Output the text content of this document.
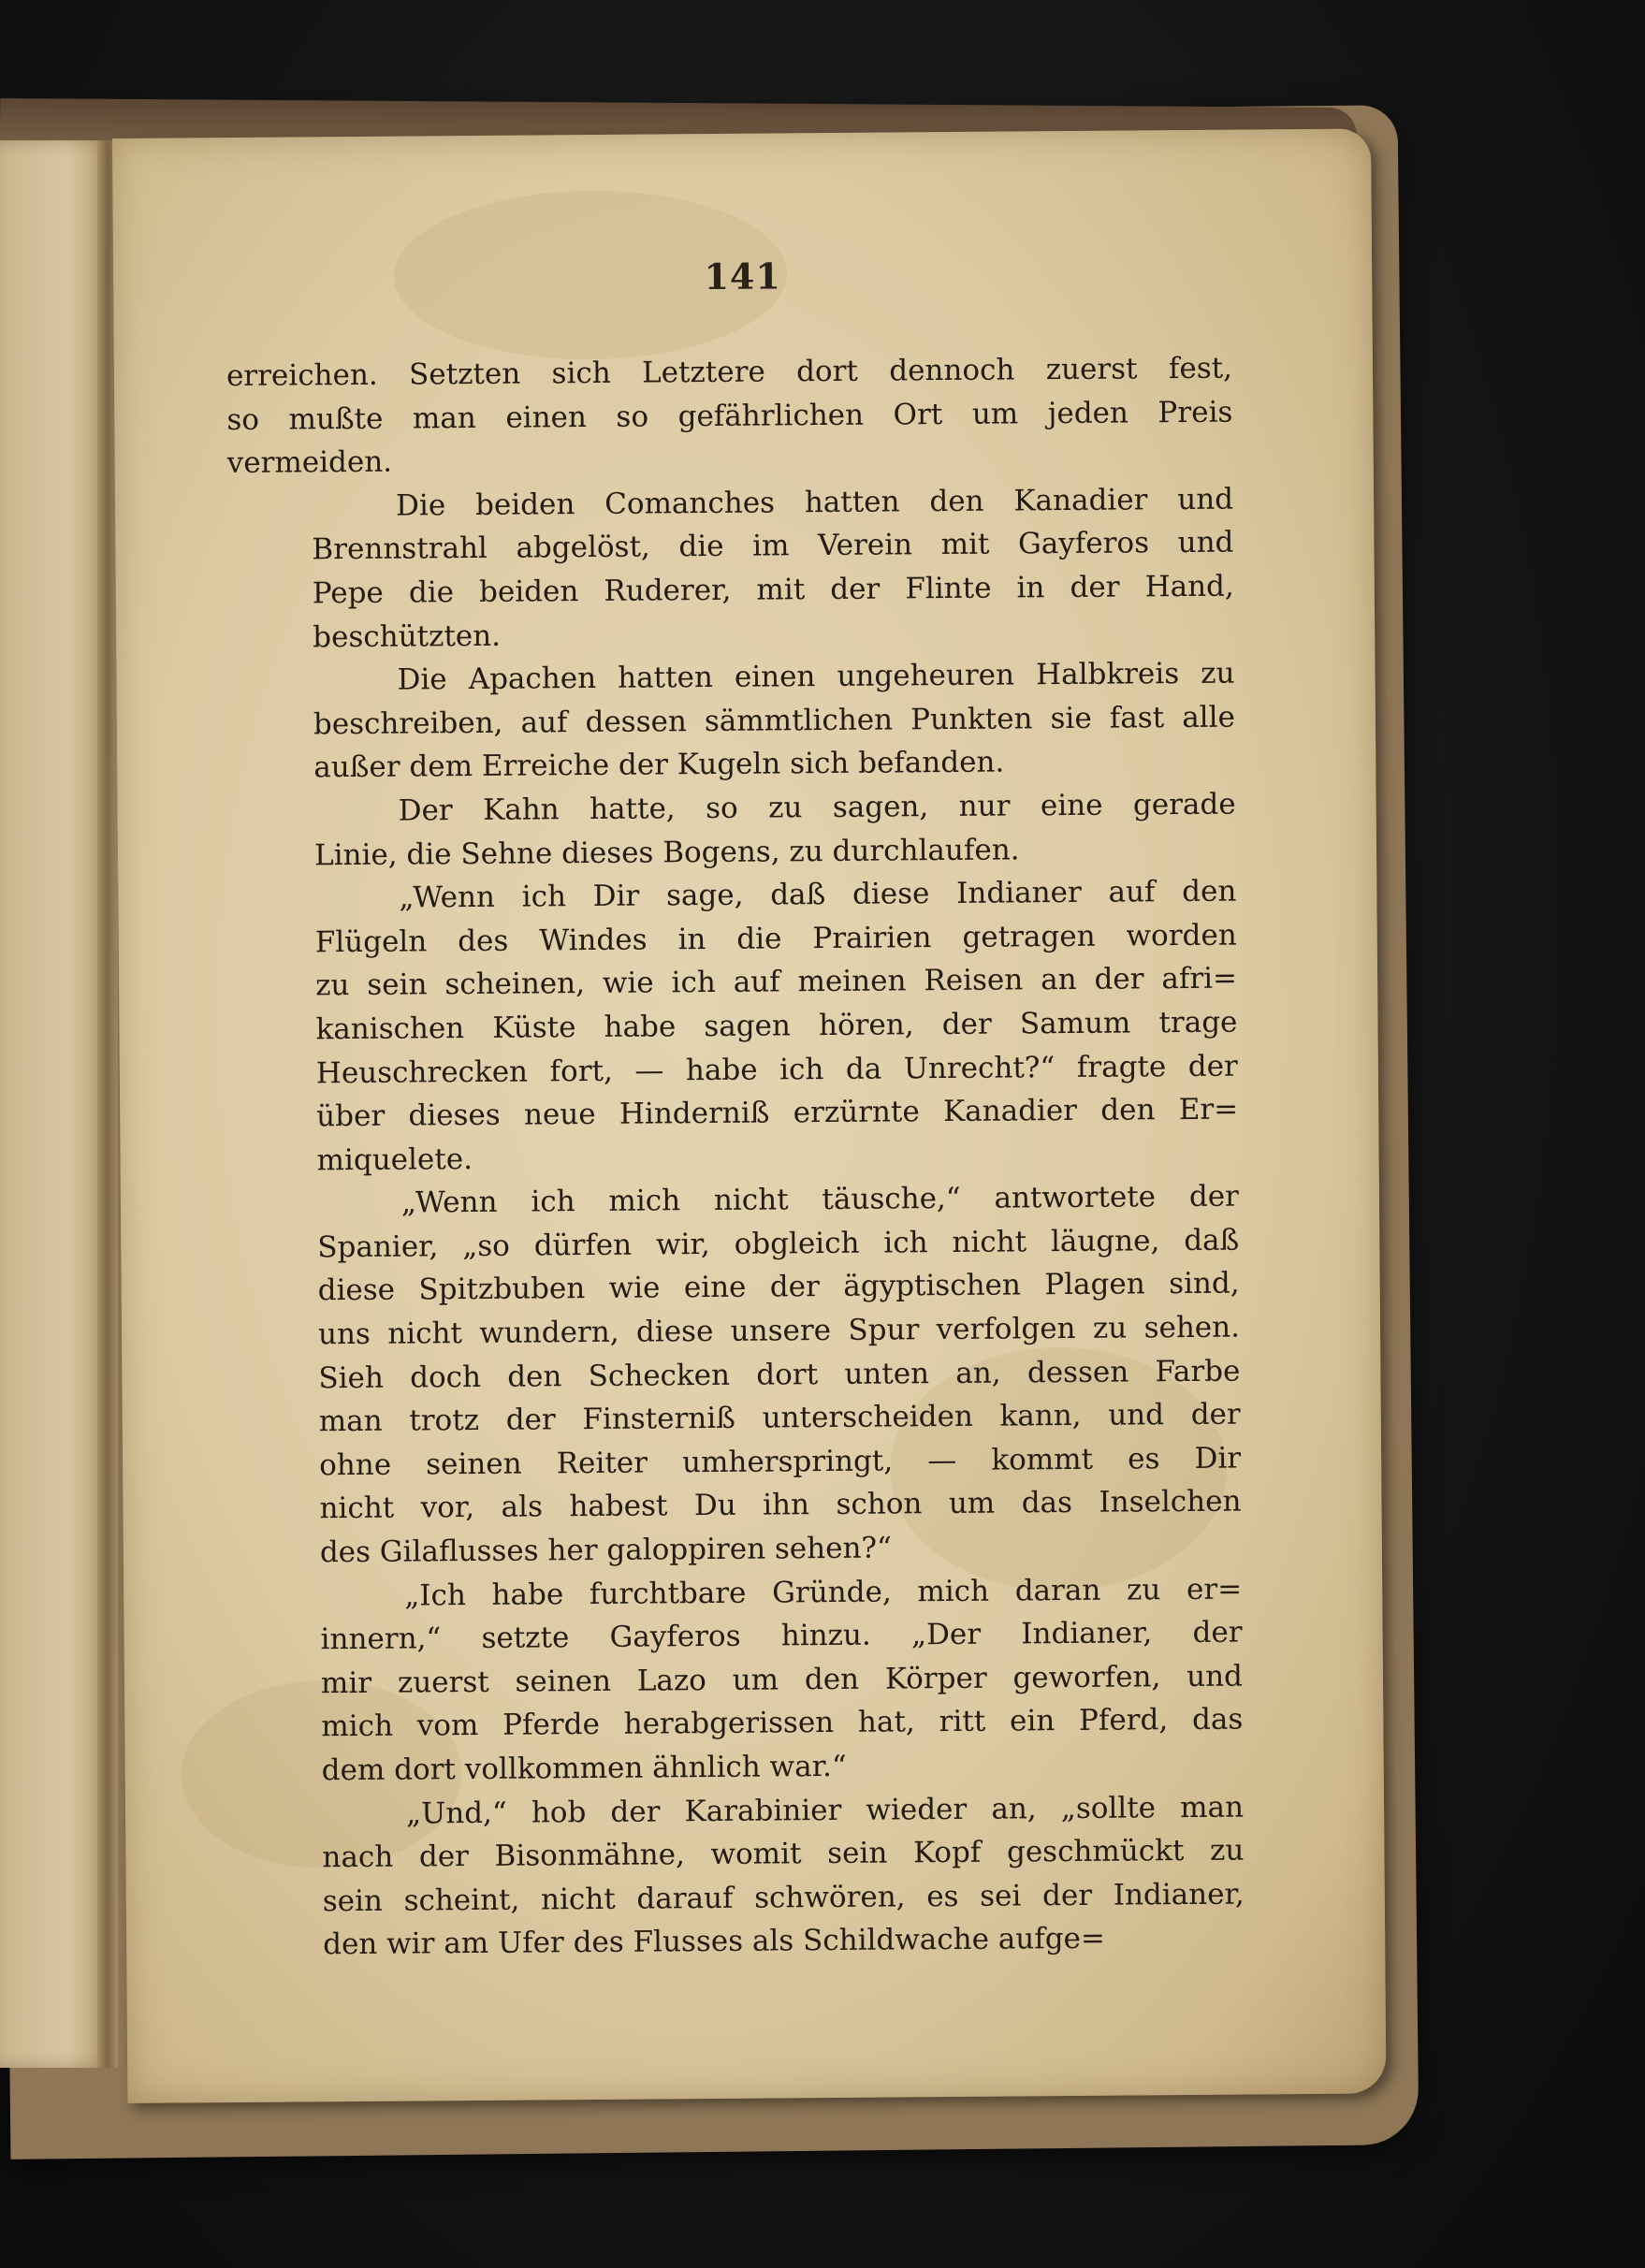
141

erreichen. Setzten sich Letztere dort dennoch zuerst fest,
so mußte man einen so gefährlichen Ort um jeden Preis
vermeiden.

Die beiden Comanches hatten den Kanadier und
Brennstrahl abgelöst, die im Verein mit Gayferos und
Pepe die beiden Ruderer, mit der Flinte in der Hand,
beschützten.

Die Apachen hatten einen ungeheuren Halbkreis zu
beschreiben, auf dessen sämmtlichen Punkten sie fast alle
außer dem Erreiche der Kugeln sich befanden.

Der Kahn hatte, so zu sagen, nur eine gerade
Linie, die Sehne dieses Bogens, zu durchlaufen.

„Wenn ich Dir sage, daß diese Indianer auf den
Flügeln des Windes in die Prairien getragen worden
zu sein scheinen, wie ich auf meinen Reisen an der afri=
kanischen Küste habe sagen hören, der Samum trage
Heuschrecken fort, — habe ich da Unrecht?“ fragte der
über dieses neue Hinderniß erzürnte Kanadier den Er=
miquelete.

„Wenn ich mich nicht täusche,“ antwortete der
Spanier, „so dürfen wir, obgleich ich nicht läugne, daß
diese Spitzbuben wie eine der ägyptischen Plagen sind,
uns nicht wundern, diese unsere Spur verfolgen zu sehen.
Sieh doch den Schecken dort unten an, dessen Farbe
man trotz der Finsterniß unterscheiden kann, und der
ohne seinen Reiter umherspringt, — kommt es Dir
nicht vor, als habest Du ihn schon um das Inselchen
des Gilaflusses her galoppiren sehen?“

„Ich habe furchtbare Gründe, mich daran zu er=
innern,“ setzte Gayferos hinzu. „Der Indianer, der
mir zuerst seinen Lazo um den Körper geworfen, und
mich vom Pferde herabgerissen hat, ritt ein Pferd, das
dem dort vollkommen ähnlich war.“

„Und,“ hob der Karabinier wieder an, „sollte man
nach der Bisonmähne, womit sein Kopf geschmückt zu
sein scheint, nicht darauf schwören, es sei der Indianer,
den wir am Ufer des Flusses als Schildwache aufge=
